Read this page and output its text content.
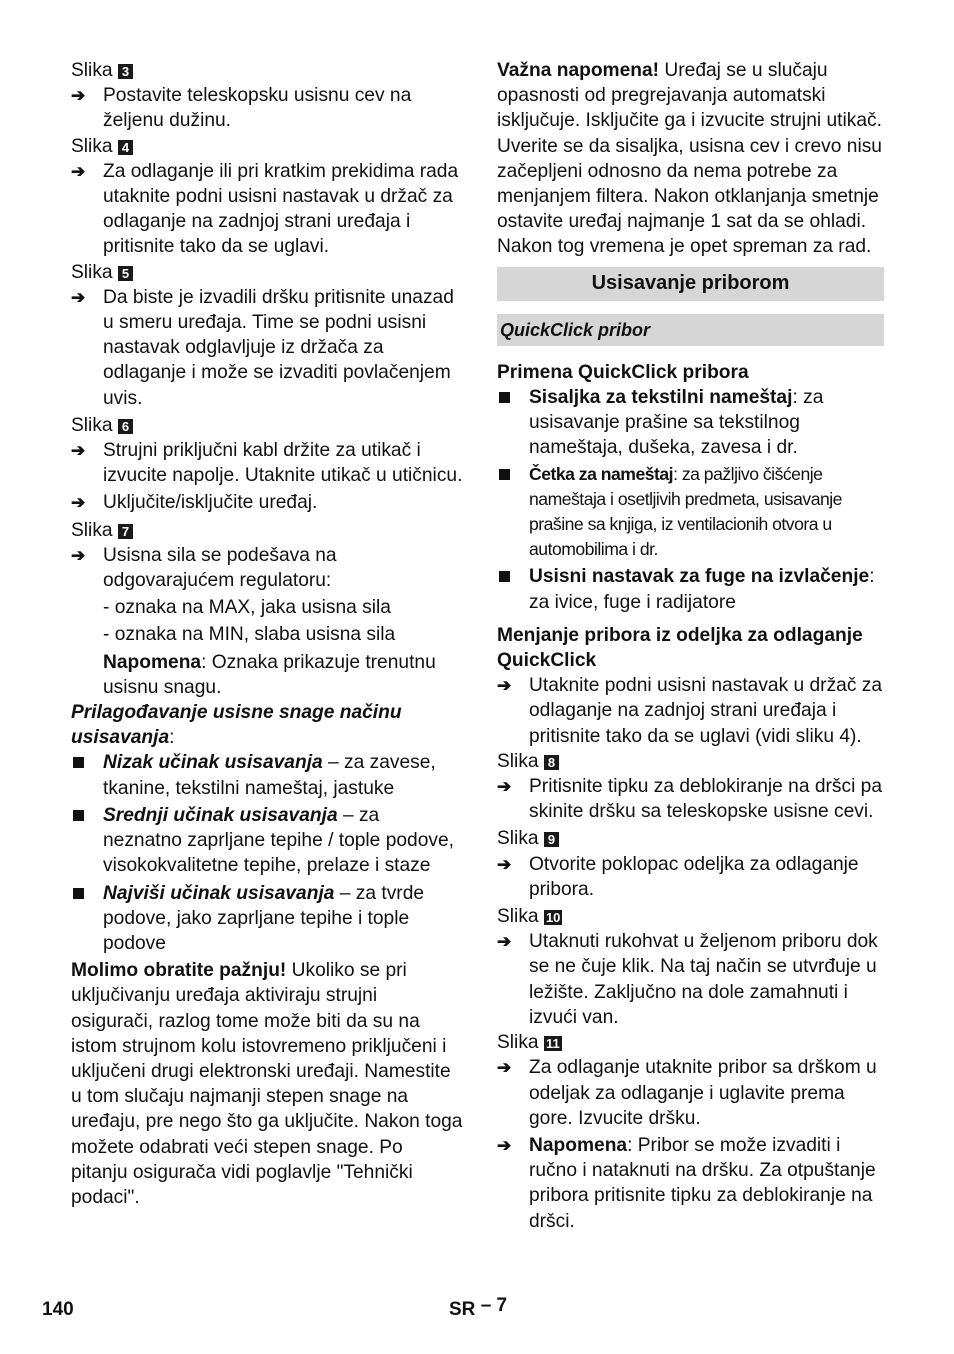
Slika 3

➔ Postavite teleskopsku usisnu cev na željenu dužinu.

Slika 4

➔ Za odlaganje ili pri kratkim prekidima rada utaknite podni usisni nastavak u držač za odlaganje na zadnjoj strani uređaja i pritisnite tako da se uglavi.

Slika 5

➔ Da biste je izvadili dršku pritisnite unazad u smeru uređaja. Time se podni usisni nastavak odglavljuje iz držača za odlaganje i može se izvaditi povlačenjem uvis.

Slika 6

➔ Strujni priključni kabl držite za utikač i izvucite napolje. Utaknite utikač u utičnicu.
➔ Uključite/isključite uređaj.

Slika 7

➔ Usisna sila se podešava na odgovarajućem regulatoru:

- oznaka na MAX, jaka usisna sila

- oznaka na MIN, slaba usisna sila

Napomena: Oznaka prikazuje trenutnu usisnu snagu.

Prilagođavanje usisne snage načinu usisavanja:

Nizak učinak usisavanja – za zavese, tkanine, tekstilni nameštaj, jastuke
Srednji učinak usisavanja – za neznatno zaprljane tepihe / tople podove, visokokvalitetne tepihe, prelaze i staze
Najviši učinak usisavanja – za tvrde podove, jako zaprljane tepihe i tople podove

Molimo obratite pažnju! Ukoliko se pri uključivanju uređaja aktiviraju strujni osigurači, razlog tome može biti da su na istom strujnom kolu istovremeno priključeni i uključeni drugi elektronski uređaji. Namestite u tom slučaju najmanji stepen snage na uređaju, pre nego što ga uključite. Nakon toga možete odabrati veći stepen snage. Po pitanju osigurača vidi poglavlje "Tehnički podaci".

Važna napomena! Uređaj se u slučaju opasnosti od pregrejavanja automatski isključuje. Isključite ga i izvucite strujni utikač. Uverite se da sisaljka, usisna cev i crevo nisu začepljeni odnosno da nema potrebe za menjanjem filtera. Nakon otklanjanja smetnje ostavite uređaj najmanje 1 sat da se ohladi. Nakon tog vremena je opet spreman za rad.

Usisavanje priborom
QuickClick pribor

Primena QuickClick pribora

Sisaljka za tekstilni nameštaj: za usisavanje prašine sa tekstilnog nameštaja, dušeka, zavesa i dr.
Četka za nameštaj: za pažljivo čišćenje nameštaja i osetljivih predmeta, usisavanje prašine sa knjiga, iz ventilacionih otvora u automobilima i dr.
Usisni nastavak za fuge na izvlačenje: za ivice, fuge i radijatore

Menjanje pribora iz odeljka za odlaganje QuickClick

➔ Utaknite podni usisni nastavak u držač za odlaganje na zadnjoj strani uređaja i pritisnite tako da se uglavi (vidi sliku 4).

Slika 8

➔ Pritisnite tipku za deblokiranje na dršci pa skinite dršku sa teleskopske usisne cevi.

Slika 9

➔ Otvorite poklopac odeljka za odlaganje pribora.

Slika 10

➔ Utaknuti rukohvat u željenom priboru dok se ne čuje klik. Na taj način se utvrđuje u ležište. Zaključno na dole zamahnuti i izvući van.

Slika 11

➔ Za odlaganje utaknite pribor sa drškom u odeljak za odlaganje i uglavite prema gore. Izvucite dršku.
➔ Napomena: Pribor se može izvaditi i ručno i nataknuti na dršku. Za otpuštanje pribora pritisnite tipku za deblokiranje na dršci.
140	SR – 7
